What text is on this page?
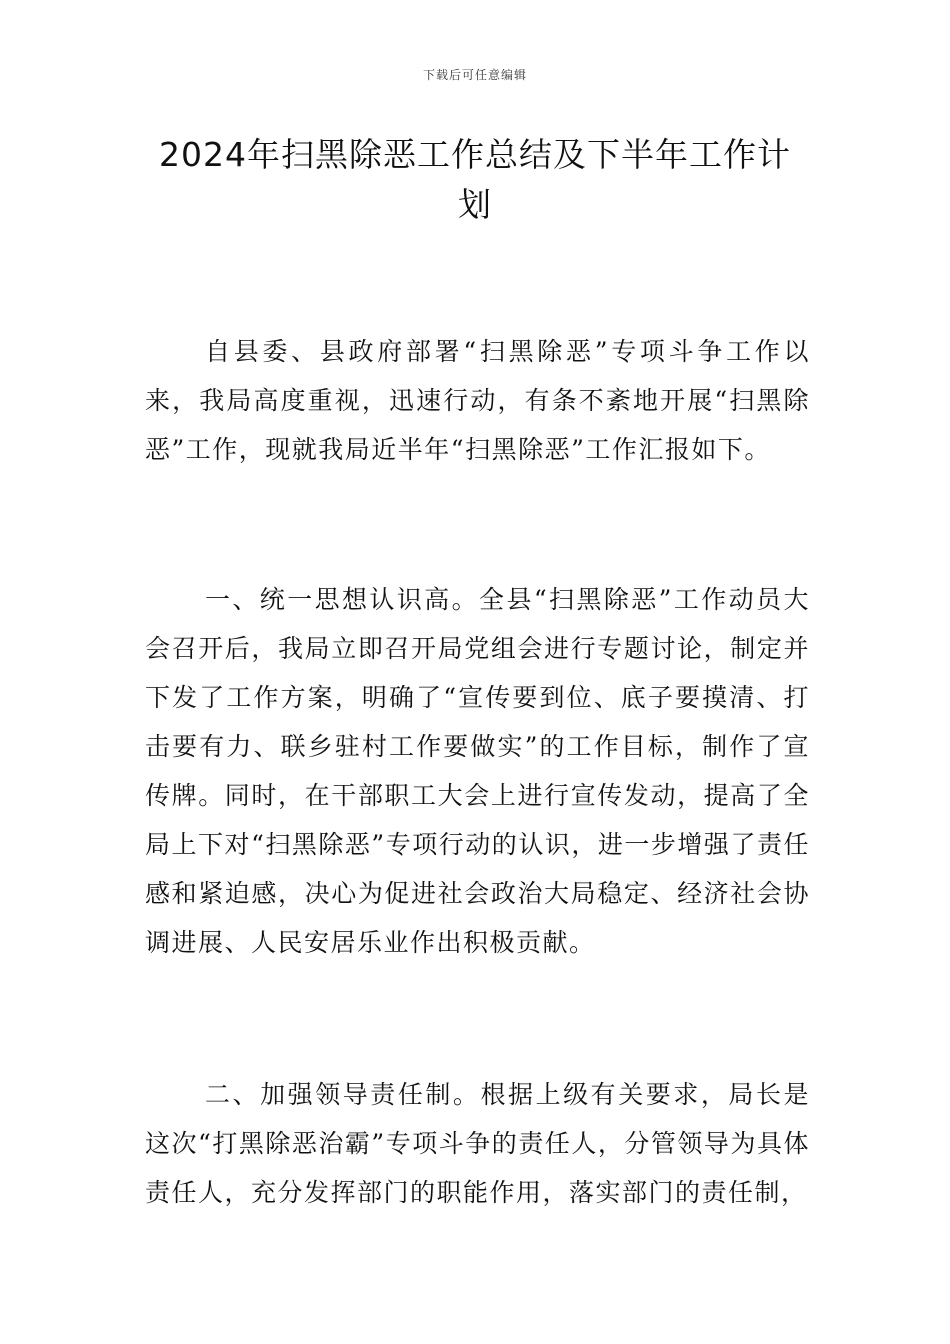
下载后可任意编辑
2024年扫黑除恶工作总结及下半年工作计划

自县委、县政府部署“扫黑除恶”专项斗争工作以来，我局高度重视，迅速行动，有条不紊地开展“扫黑除恶”工作，现就我局近半年“扫黑除恶”工作汇报如下。

一、统一思想认识高。全县“扫黑除恶”工作动员大会召开后，我局立即召开局党组会进行专题讨论，制定并下发了工作方案，明确了“宣传要到位、底子要摸清、打击要有力、联乡驻村工作要做实”的工作目标，制作了宣传牌。同时，在干部职工大会上进行宣传发动，提高了全局上下对“扫黑除恶”专项行动的认识，进一步增强了责任感和紧迫感，决心为促进社会政治大局稳定、经济社会协调进展、人民安居乐业作出积极贡献。

二、加强领导责任制。根据上级有关要求，局长是这次“打黑除恶治霸”专项斗争的责任人，分管领导为具体责任人，充分发挥部门的职能作用，落实部门的责任制，
